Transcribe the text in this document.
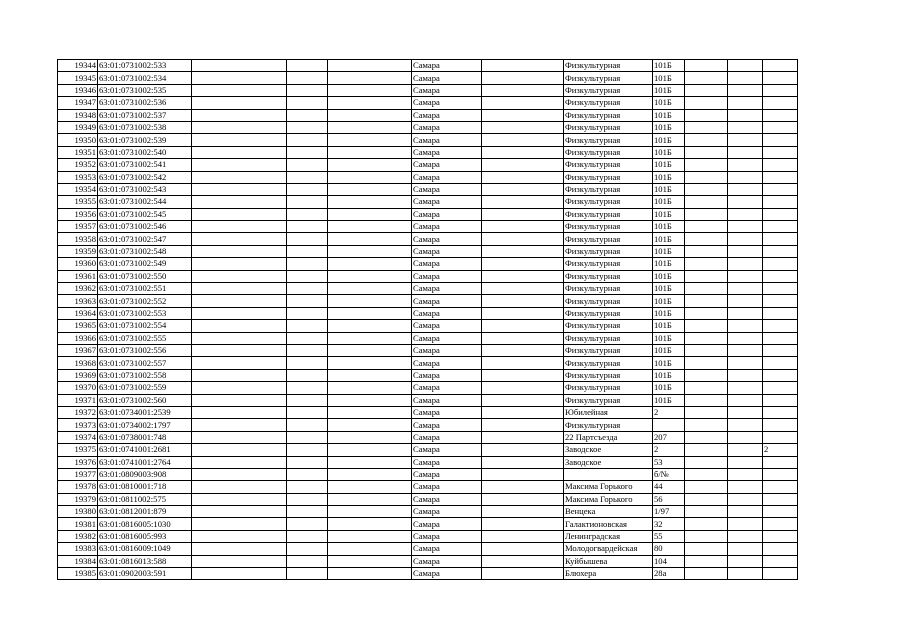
19344	63:01:0731002:533				Самара		Физкультурная	101Б			
19345	63:01:0731002:534				Самара		Физкультурная	101Б			
19346	63:01:0731002:535				Самара		Физкультурная	101Б			
19347	63:01:0731002:536				Самара		Физкультурная	101Б			
19348	63:01:0731002:537				Самара		Физкультурная	101Б			
19349	63:01:0731002:538				Самара		Физкультурная	101Б			
19350	63:01:0731002:539				Самара		Физкультурная	101Б			
19351	63:01:0731002:540				Самара		Физкультурная	101Б			
19352	63:01:0731002:541				Самара		Физкультурная	101Б			
19353	63:01:0731002:542				Самара		Физкультурная	101Б			
19354	63:01:0731002:543				Самара		Физкультурная	101Б			
19355	63:01:0731002:544				Самара		Физкультурная	101Б			
19356	63:01:0731002:545				Самара		Физкультурная	101Б			
19357	63:01:0731002:546				Самара		Физкультурная	101Б			
19358	63:01:0731002:547				Самара		Физкультурная	101Б			
19359	63:01:0731002:548				Самара		Физкультурная	101Б			
19360	63:01:0731002:549				Самара		Физкультурная	101Б			
19361	63:01:0731002:550				Самара		Физкультурная	101Б			
19362	63:01:0731002:551				Самара		Физкультурная	101Б			
19363	63:01:0731002:552				Самара		Физкультурная	101Б			
19364	63:01:0731002:553				Самара		Физкультурная	101Б			
19365	63:01:0731002:554				Самара		Физкультурная	101Б			
19366	63:01:0731002:555				Самара		Физкультурная	101Б			
19367	63:01:0731002:556				Самара		Физкультурная	101Б			
19368	63:01:0731002:557				Самара		Физкультурная	101Б			
19369	63:01:0731002:558				Самара		Физкультурная	101Б			
19370	63:01:0731002:559				Самара		Физкультурная	101Б			
19371	63:01:0731002:560				Самара		Физкультурная	101Б			
19372	63:01:0734001:2539				Самара		Юбилейная	2			
19373	63:01:0734002:1797				Самара		Физкультурная				
19374	63:01:0738001:748				Самара		22 Партсъезда	207			
19375	63:01:0741001:2681				Самара		Заводское	2			2
19376	63:01:0741001:2764				Самара		Заводское	53			
19377	63:01:0809003:908				Самара			б/№			
19378	63:01:0810001:718				Самара		Максима Горького	44			
19379	63:01:0811002:575				Самара		Максима Горького	56			
19380	63:01:0812001:879				Самара		Венцека	1/97			
19381	63:01:0816005:1030				Самара		Галактионовская	32			
19382	63:01:0816005:993				Самара		Ленинградская	55			
19383	63:01:0816009:1049				Самара		Молодогвардейская	80			
19384	63:01:0816013:588				Самара		Куйбышева	104			
19385	63:01:0902003:591				Самара		Блюхера	28а			
